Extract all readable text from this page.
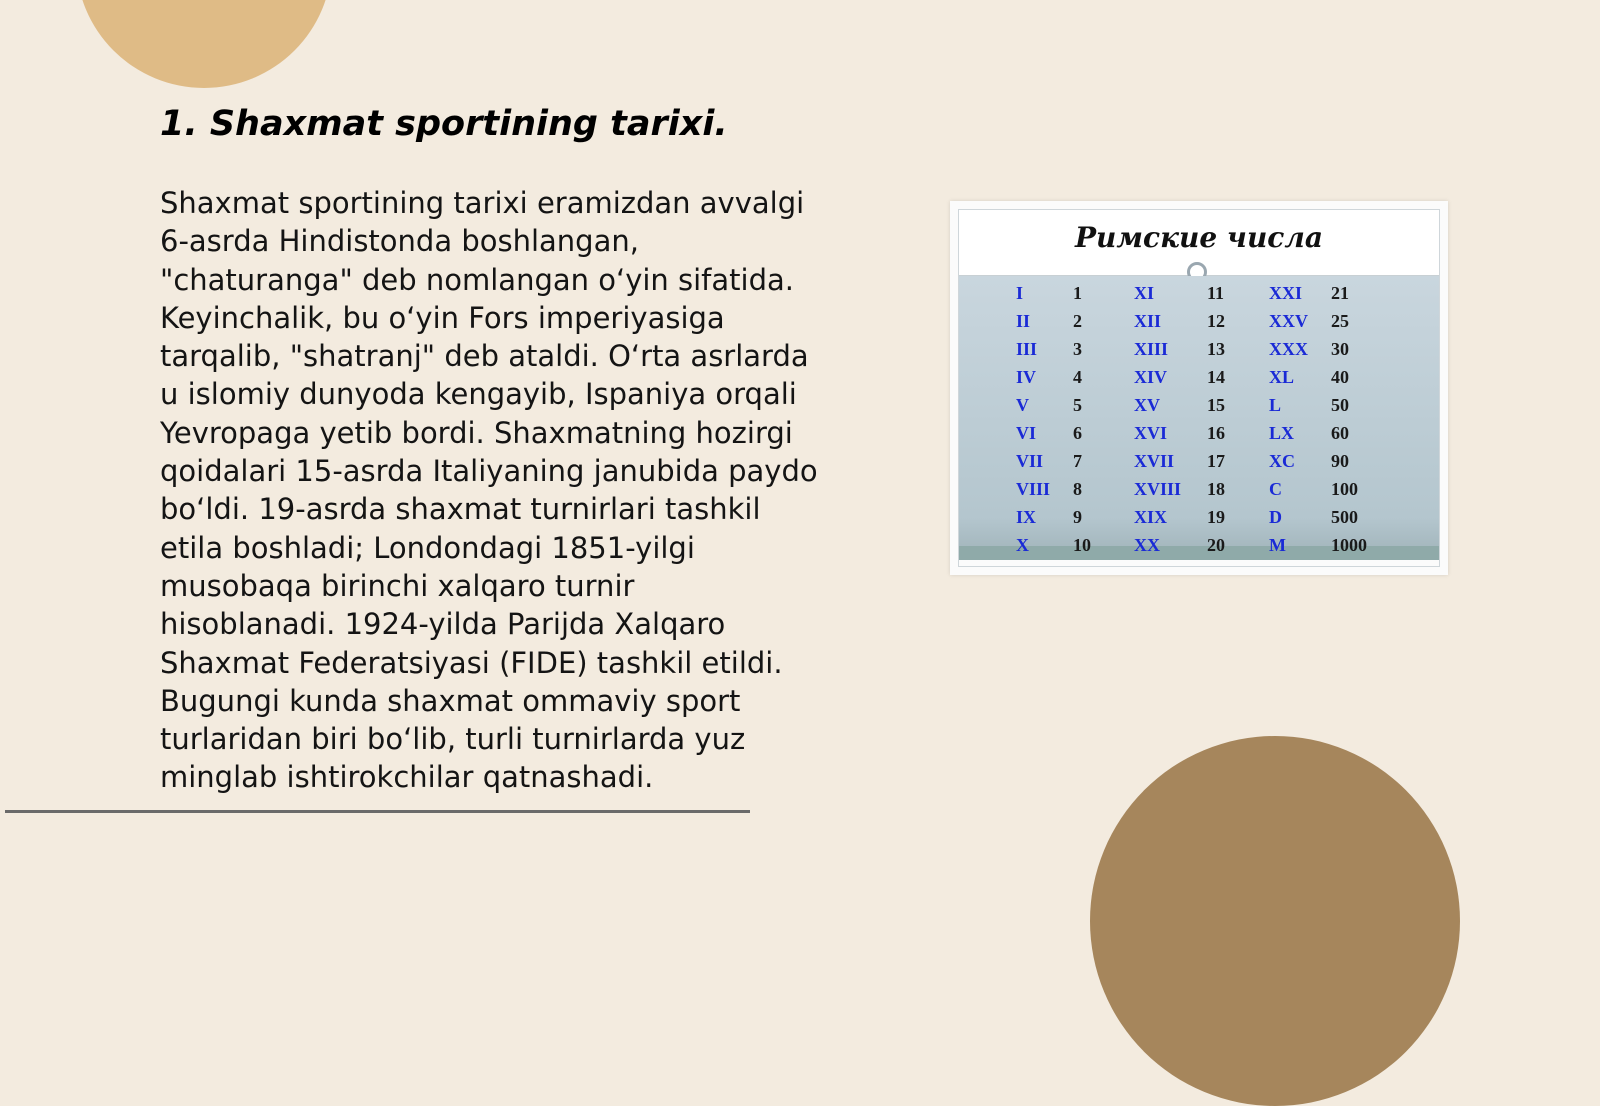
1. Shaxmat sportining tarixi.
Shaxmat sportining tarixi eramizdan avvalgi
6-asrda Hindistonda boshlangan,
"chaturanga" deb nomlangan o‘yin sifatida.
Keyinchalik, bu o‘yin Fors imperiyasiga
tarqalib, "shatranj" deb ataldi. O‘rta asrlarda
u islomiy dunyoda kengayib, Ispaniya orqali
Yevropaga yetib bordi. Shaxmatning hozirgi
qoidalari 15-asrda Italiyaning janubida paydo
bo‘ldi. 19-asrda shaxmat turnirlari tashkil
etila boshladi; Londondagi 1851-yilgi
musobaqa birinchi xalqaro turnir
hisoblanadi. 1924-yilda Parijda Xalqaro
Shaxmat Federatsiyasi (FIDE) tashkil etildi.
Bugungi kunda shaxmat ommaviy sport
turlaridan biri bo‘lib, turli turnirlarda yuz
minglab ishtirokchilar qatnashadi.
Римские числа
I	1	XI	11 XXI 21
II 2	XII	12 XXV 25
III 3	XIII 13 XXX 30
IV 4	XIV 14 XL 40
V 5	XV	15 L	50
VI 6	XVI 16 LX 60
VII 7	XVII 17 XC 90
VIII 8	XVIII 18 C	100
IX 9	XIX 19 D	500
X 10 XX	20 M	1000
